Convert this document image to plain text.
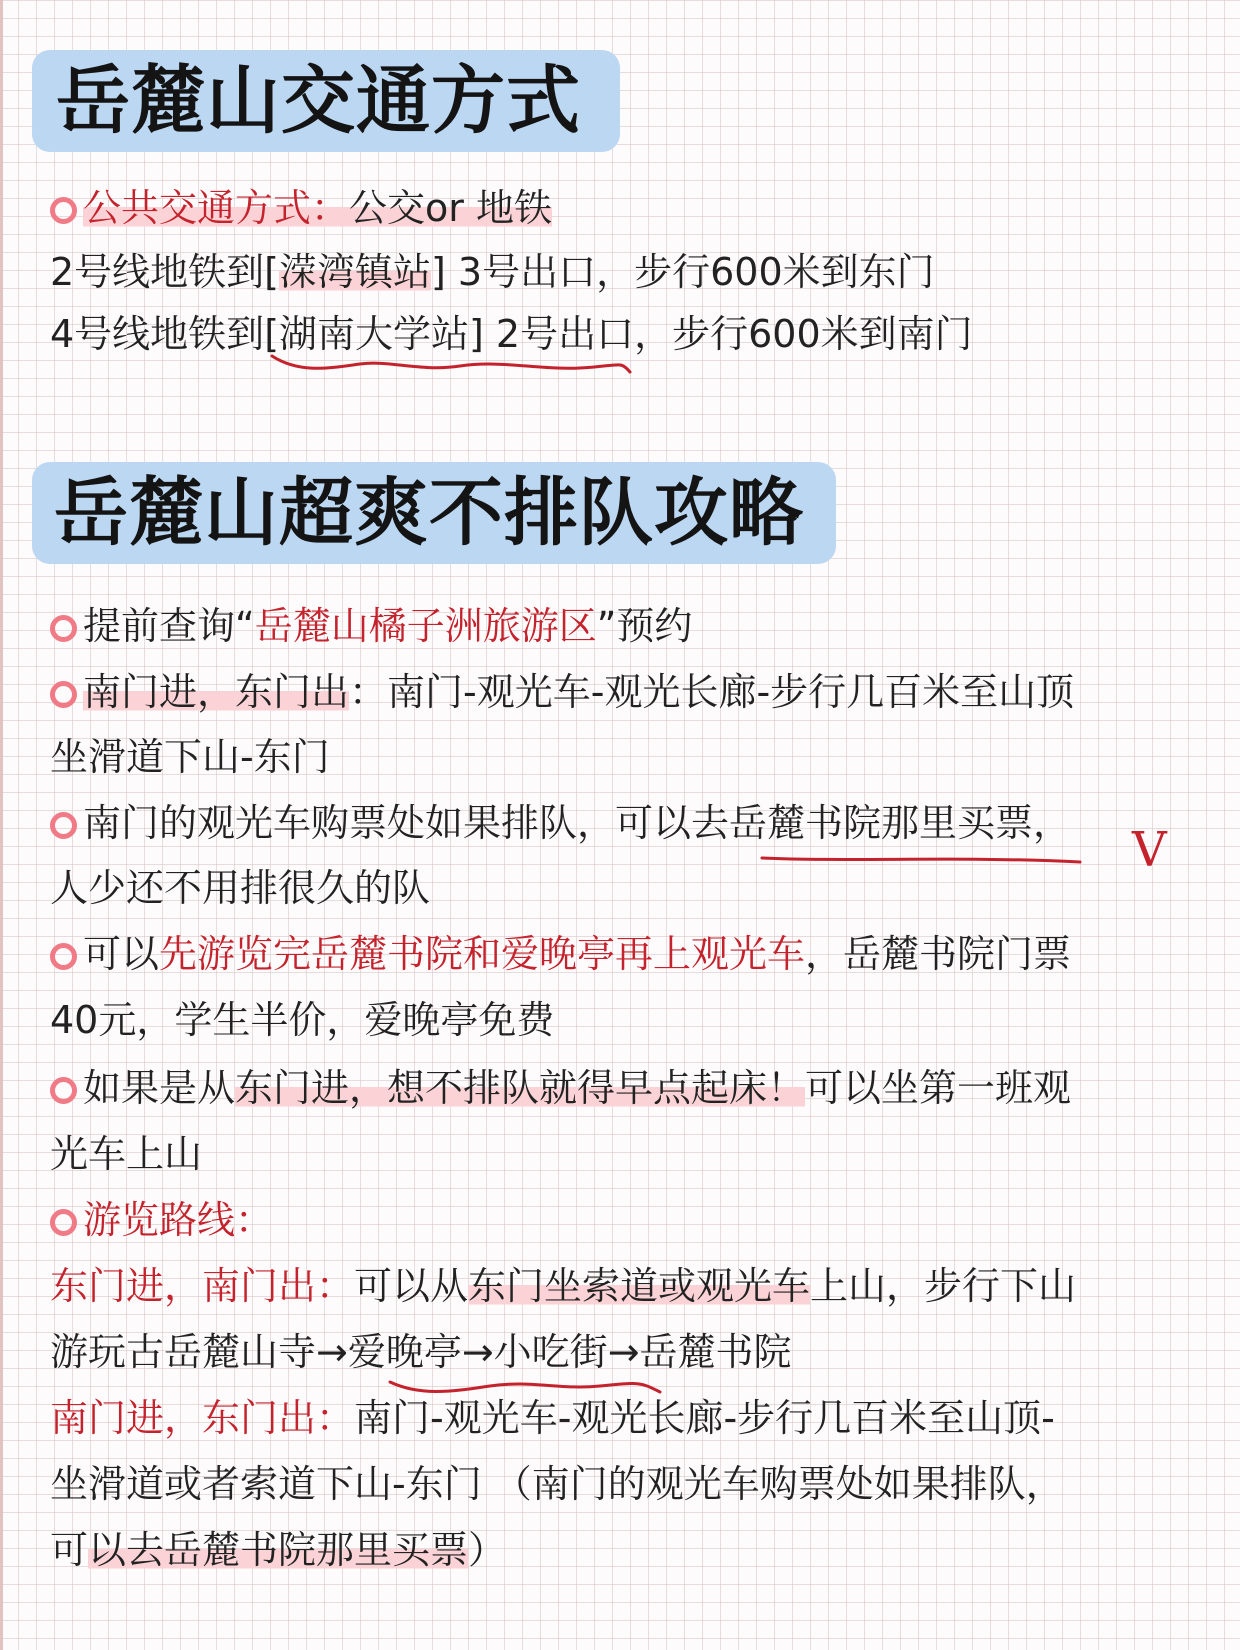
岳麓山交通方式
公共交通方式：公交or 地铁
2号线地铁到[溁湾镇站] 3号出口，步行600米到东门
4号线地铁到[湖南大学站] 2号出口，步行600米到南门
岳麓山超爽不排队攻略
提前查询“岳麓山橘子洲旅游区”预约
南门进，东门出：南门-观光车-观光长廊-步行几百米至山顶
坐滑道下山-东门
南门的观光车购票处如果排队，可以去岳麓书院那里买票， V
人少还不用排很久的队
可以先游览完岳麓书院和爱晚亭再上观光车，岳麓书院门票
40元，学生半价，爱晚亭免费
如果是从东门进，想不排队就得早点起床！可以坐第一班观
光车上山
游览路线：
东门进，南门出：可以从东门坐索道或观光车上山，步行下山
游玩古岳麓山寺→爱晚亭→小吃街→岳麓书院
南门进，东门出：南门-观光车-观光长廊-步行几百米至山顶-
坐滑道或者索道下山-东门 （南门的观光车购票处如果排队，
可以去岳麓书院那里买票）
